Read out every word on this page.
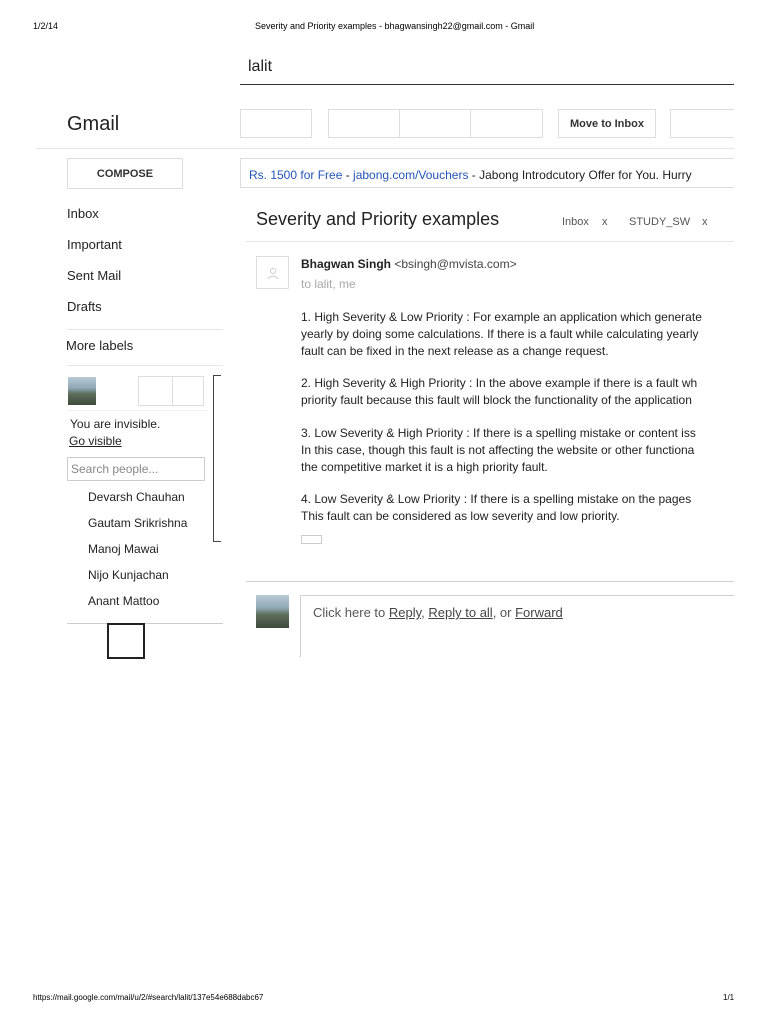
1/2/14	Severity and Priority examples - bhagwansingh22@gmail.com - Gmail
lalit
Gmail	Move to Inbox
COMPOSE
Inbox
Important
Sent Mail
Drafts
More labels
You are invisible.
Go visible
Search people...
Devarsh Chauhan
Gautam Srikrishna
Manoj Mawai
Nijo Kunjachan
Anant Mattoo
Rs. 1500 for Free - jabong.com/Vouchers - Jabong Introdcutory Offer for You. Hurry
Severity and Priority examples	Inbox x STUDY_SW x
Bhagwan Singh <bsingh@mvista.com>
to lalit, me
1. High Severity & Low Priority : For example an application which generate
yearly by doing some calculations. If there is a fault while calculating yearly
fault can be fixed in the next release as a change request.
2. High Severity & High Priority : In the above example if there is a fault wh
priority fault because this fault will block the functionality of the application
3. Low Severity & High Priority : If there is a spelling mistake or content iss
In this case, though this fault is not affecting the website or other functiona
the competitive market it is a high priority fault.
4. Low Severity & Low Priority : If there is a spelling mistake on the pages
This fault can be considered as low severity and low priority.
Click here to Reply, Reply to all, or Forward
https://mail.google.com/mail/u/2/#search/lalit/137e54e688dabc67	1/1
